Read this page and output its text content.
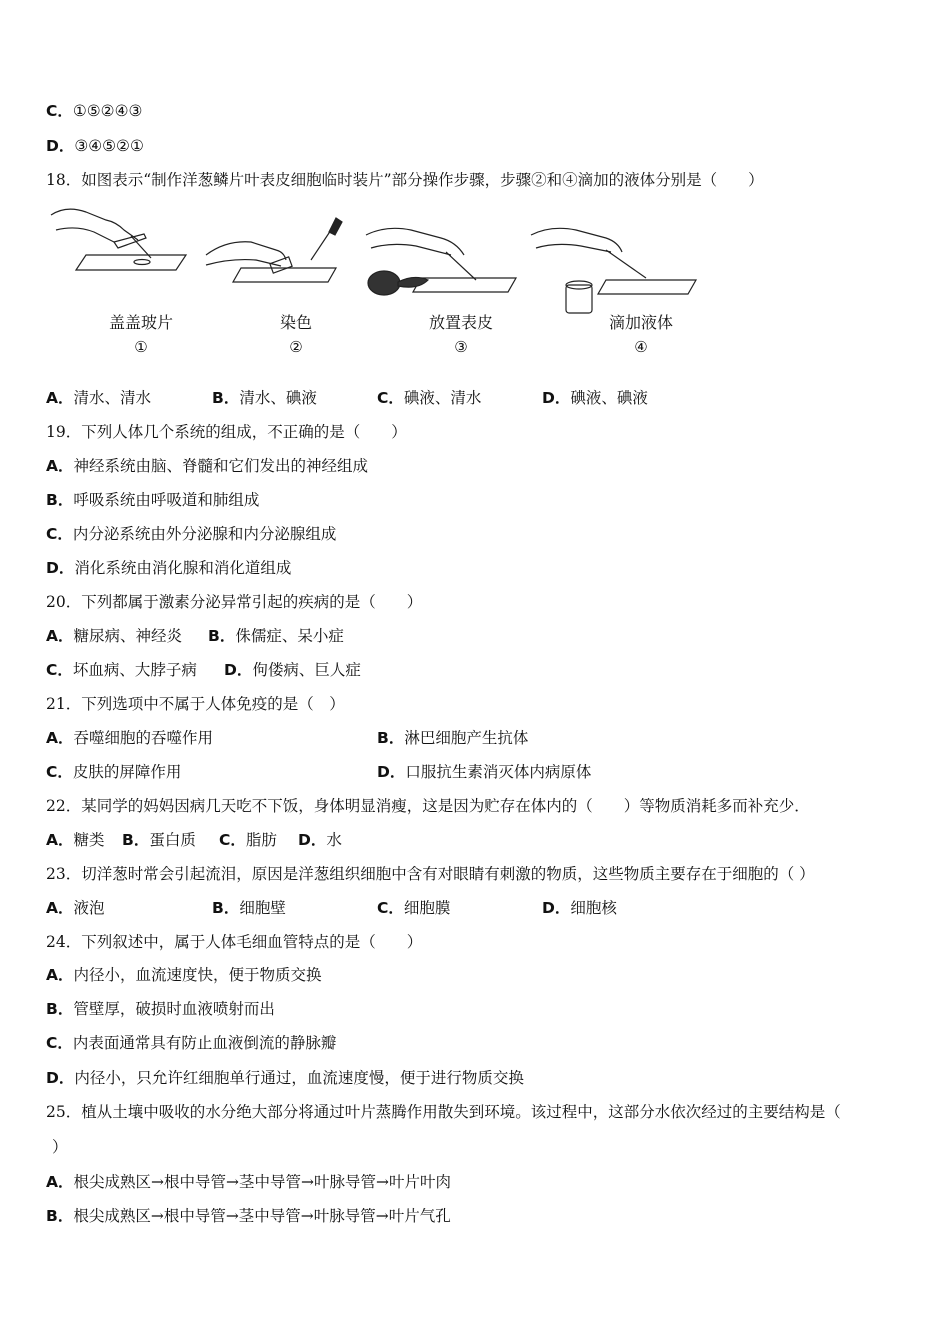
C．①⑤②④③
D．③④⑤②①
18．如图表示“制作洋葱鳞片叶表皮细胞临时装片”部分操作步骤，步骤②和④滴加的液体分别是（　　）
盖盖玻片
①
染色
②
放置表皮
③
滴加液体
④
A．清水、清水	B．清水、碘液	C．碘液、清水	D．碘液、碘液
19．下列人体几个系统的组成，不正确的是（　　）
A．神经系统由脑、脊髓和它们发出的神经组成
B．呼吸系统由呼吸道和肺组成
C．内分泌系统由外分泌腺和内分泌腺组成
D．消化系统由消化腺和消化道组成
20．下列都属于激素分泌异常引起的疾病的是（　　）
A．糖尿病、神经炎 B．侏儒症、呆小症
C．坏血病、大脖子病 D．佝偻病、巨人症
21．下列选项中不属于人体免疫的是（　）
A．吞噬细胞的吞噬作用	B．淋巴细胞产生抗体
C．皮肤的屏障作用	D．口服抗生素消灭体内病原体
22．某同学的妈妈因病几天吃不下饭，身体明显消瘦，这是因为贮存在体内的（　　）等物质消耗多而补充少．
A．糖类 B．蛋白质 C．脂肪 D．水
23．切洋葱时常会引起流泪，原因是洋葱组织细胞中含有对眼睛有刺激的物质，这些物质主要存在于细胞的（ ）
A．液泡	B．细胞壁	C．细胞膜	D．细胞核
24．下列叙述中，属于人体毛细血管特点的是（　　）
A．内径小，血流速度快，便于物质交换
B．管壁厚，破损时血液喷射而出
C．内表面通常具有防止血液倒流的静脉瓣
D．内径小，只允许红细胞单行通过，血流速度慢，便于进行物质交换
25．植从土壤中吸收的水分绝大部分将通过叶片蒸腾作用散失到环境。该过程中，这部分水依次经过的主要结构是（
）
A．根尖成熟区→根中导管→茎中导管→叶脉导管→叶片叶肉
B．根尖成熟区→根中导管→茎中导管→叶脉导管→叶片气孔
